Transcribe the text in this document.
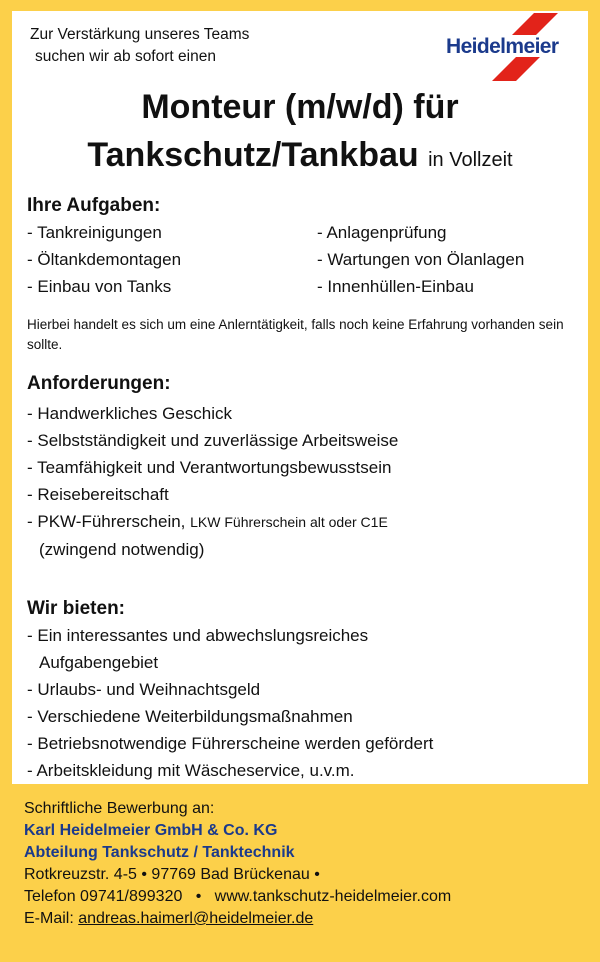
Zur Verstärkung unseres Teams
suchen wir ab sofort einen	Heidelmeier
Monteur (m/w/d) für
Tankschutz/Tankbau in Vollzeit
Ihre Aufgaben:
- Tankreinigungen
- Öltankdemontagen
- Einbau von Tanks
- Anlagenprüfung
- Wartungen von Ölanlagen
- Innenhüllen-Einbau
Hierbei handelt es sich um eine Anlerntätigkeit, falls noch keine Erfahrung vorhanden sein sollte.
Anforderungen:
- Handwerkliches Geschick
- Selbstständigkeit und zuverlässige Arbeitsweise
- Teamfähigkeit und Verantwortungsbewusstsein
- Reisebereitschaft
- PKW-Führerschein, LKW Führerschein alt oder C1E
(zwingend notwendig)
Wir bieten:
- Ein interessantes und abwechslungsreiches
Aufgabengebiet
- Urlaubs- und Weihnachtsgeld
- Verschiedene Weiterbildungsmaßnahmen
- Betriebsnotwendige Führerscheine werden gefördert
- Arbeitskleidung mit Wäscheservice, u.v.m.
Schriftliche Bewerbung an:
Karl Heidelmeier GmbH & Co. KG
Abteilung Tankschutz / Tanktechnik
Rotkreuzstr. 4-5 • 97769 Bad Brückenau •
Telefon 09741/899320   •   www.tankschutz-heidelmeier.com
E-Mail: andreas.haimerl@heidelmeier.de
